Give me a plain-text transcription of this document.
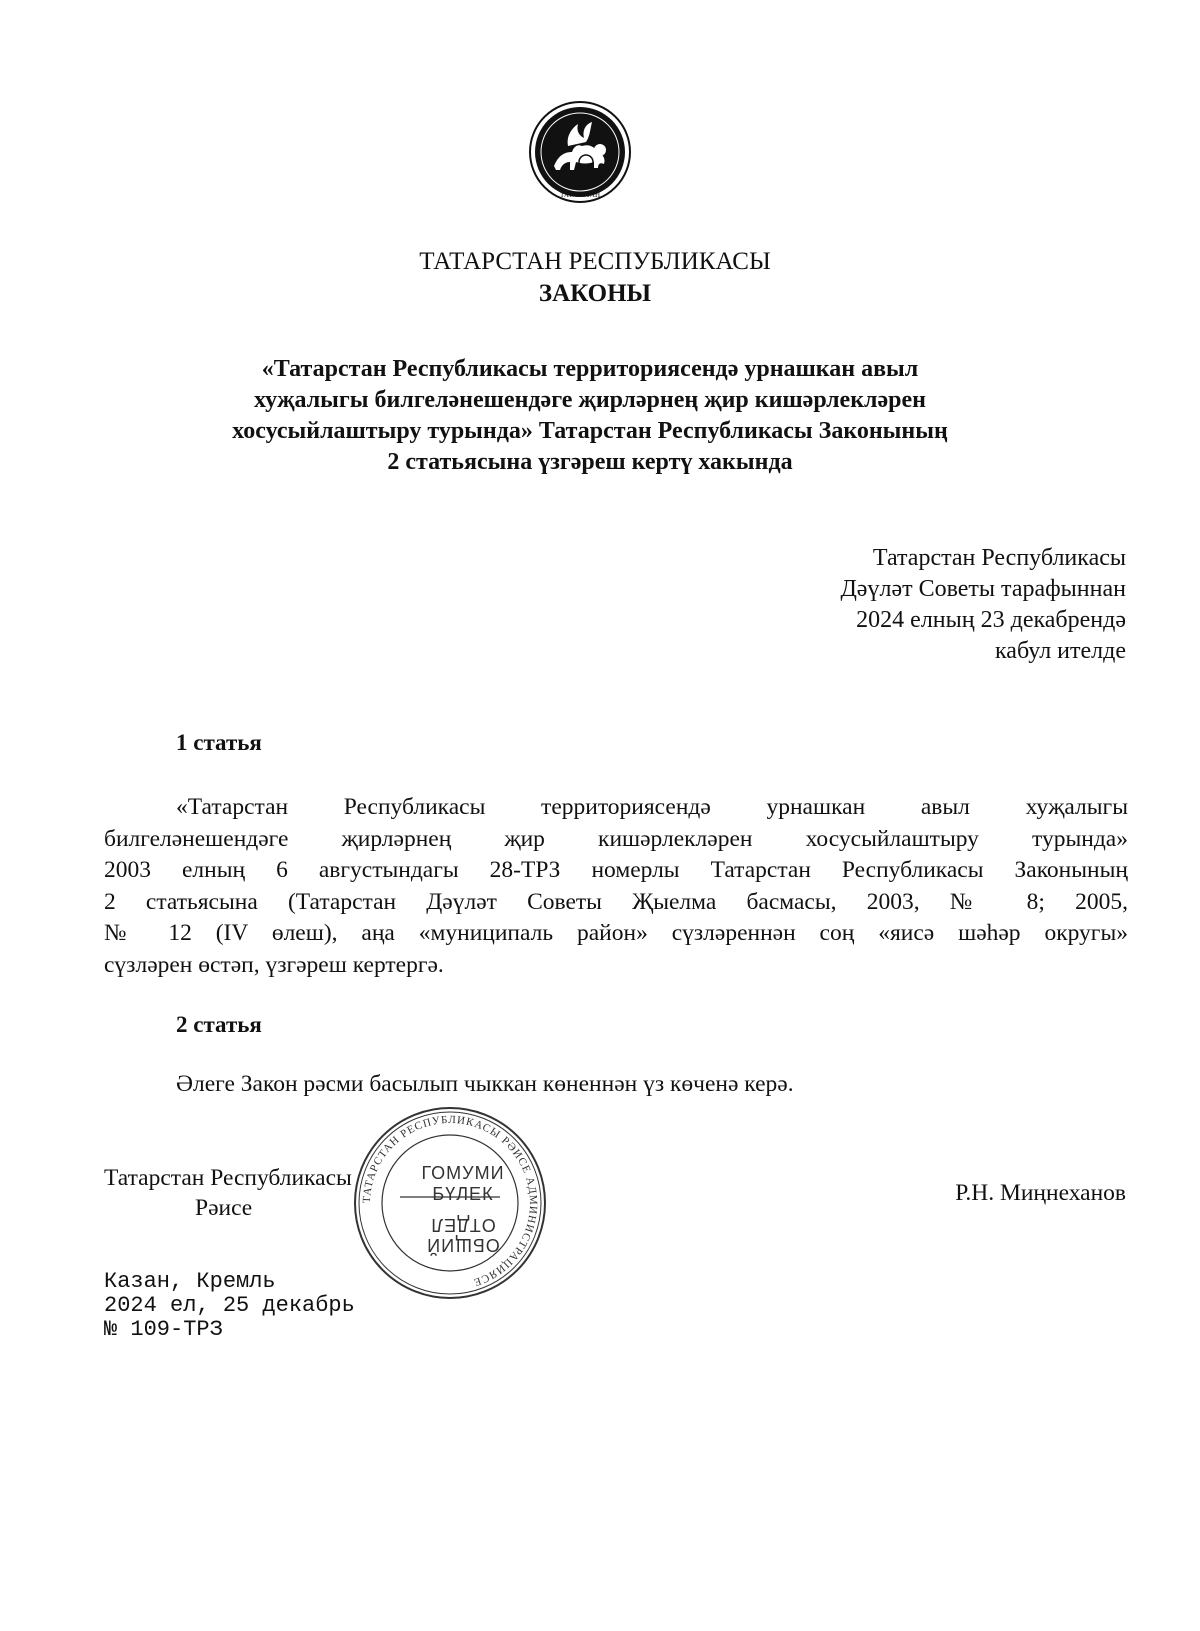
ТАТАРСТАН
ТАТАРСТАН РЕСПУБЛИКАСЫ
ЗАКОНЫ
«Татарстан Республикасы территориясендә урнашкан авыл
хуҗалыгы билгеләнешендәге җирләрнең җир кишәрлекләрен
хосусыйлаштыру турында» Татарстан Республикасы Законының
2 статьясына үзгәреш кертү хакында
Татарстан Республикасы
Дәүләт Советы тарафыннан
2024 елның 23 декабрендә
кабул ителде
1 статья
«Татарстан Республикасы территориясендә урнашкан авыл хуҗалыгы
билгеләнешендәге җирләрнең җир кишәрлекләрен хосусыйлаштыру турында»
2003 елның 6 августындагы 28-ТРЗ номерлы Татарстан Республикасы Законының
2 статьясына (Татарстан Дәүләт Советы Җыелма басмасы, 2003, № 8; 2005,
№ 12 (IV өлеш), аңа «муниципаль район» сүзләреннән соң «яисә шәһәр округы»
сүзләрен өстәп, үзгәреш кертергә.
2 статья
Әлеге Закон рәсми басылып чыккан көненнән үз көченә керә.
ТАТАРСТАН РЕСПУБЛИКАСЫ РӘИСЕ АДМИНИСТРАЦИЯСЕ
ГОМУМИ
БҮЛЕК
ОТДЕЛ
ОБЩИЙ
Татарстан Республикасы
Рәисе
Р.Н. Миңнеханов
Казан, Кремль
2024 ел, 25 декабрь
№ 109-ТРЗ
